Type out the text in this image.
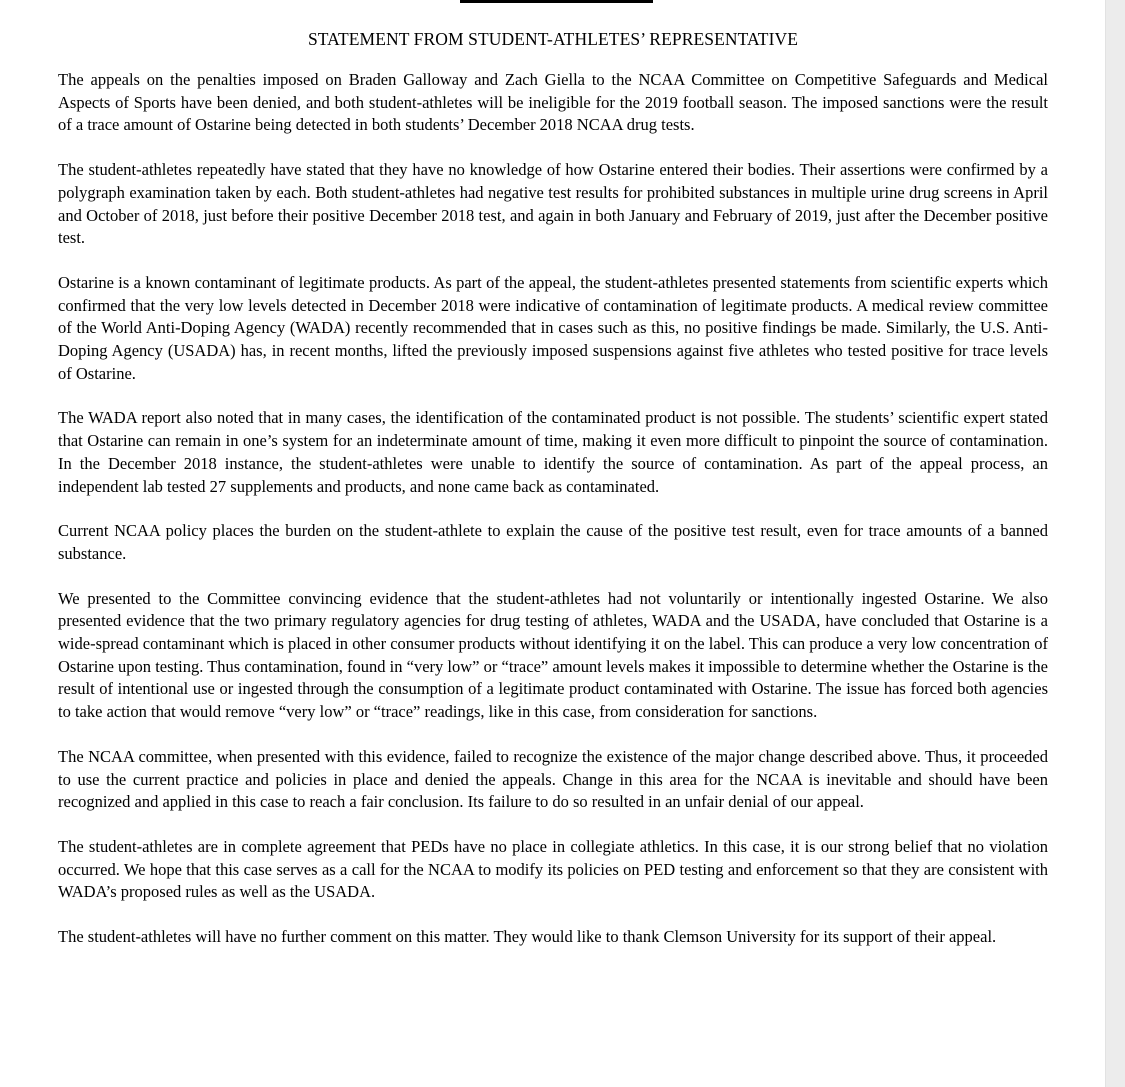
STATEMENT FROM STUDENT-ATHLETES’ REPRESENTATIVE

The appeals on the penalties imposed on Braden Galloway and Zach Giella to the NCAA Committee on Competitive Safeguards and Medical Aspects of Sports have been denied, and both student-athletes will be ineligible for the 2019 football season. The imposed sanctions were the result of a trace amount of Ostarine being detected in both students’ December 2018 NCAA drug tests.

The student-athletes repeatedly have stated that they have no knowledge of how Ostarine entered their bodies. Their assertions were confirmed by a polygraph examination taken by each. Both student-athletes had negative test results for prohibited substances in multiple urine drug screens in April and October of 2018, just before their positive December 2018 test, and again in both January and February of 2019, just after the December positive test.

Ostarine is a known contaminant of legitimate products. As part of the appeal, the student-athletes presented statements from scientific experts which confirmed that the very low levels detected in December 2018 were indicative of contamination of legitimate products. A medical review committee of the World Anti-Doping Agency (WADA) recently recommended that in cases such as this, no positive findings be made. Similarly, the U.S. Anti-Doping Agency (USADA) has, in recent months, lifted the previously imposed suspensions against five athletes who tested positive for trace levels of Ostarine.

The WADA report also noted that in many cases, the identification of the contaminated product is not possible. The students’ scientific expert stated that Ostarine can remain in one’s system for an indeterminate amount of time, making it even more difficult to pinpoint the source of contamination. In the December 2018 instance, the student-athletes were unable to identify the source of contamination. As part of the appeal process, an independent lab tested 27 supplements and products, and none came back as contaminated.

Current NCAA policy places the burden on the student-athlete to explain the cause of the positive test result, even for trace amounts of a banned substance.

We presented to the Committee convincing evidence that the student-athletes had not voluntarily or intentionally ingested Ostarine. We also presented evidence that the two primary regulatory agencies for drug testing of athletes, WADA and the USADA, have concluded that Ostarine is a wide-spread contaminant which is placed in other consumer products without identifying it on the label. This can produce a very low concentration of Ostarine upon testing. Thus contamination, found in “very low” or “trace” amount levels makes it impossible to determine whether the Ostarine is the result of intentional use or ingested through the consumption of a legitimate product contaminated with Ostarine. The issue has forced both agencies to take action that would remove “very low” or “trace” readings, like in this case, from consideration for sanctions.

The NCAA committee, when presented with this evidence, failed to recognize the existence of the major change described above. Thus, it proceeded to use the current practice and policies in place and denied the appeals. Change in this area for the NCAA is inevitable and should have been recognized and applied in this case to reach a fair conclusion. Its failure to do so resulted in an unfair denial of our appeal.

The student-athletes are in complete agreement that PEDs have no place in collegiate athletics. In this case, it is our strong belief that no violation occurred. We hope that this case serves as a call for the NCAA to modify its policies on PED testing and enforcement so that they are consistent with WADA’s proposed rules as well as the USADA.

The student-athletes will have no further comment on this matter. They would like to thank Clemson University for its support of their appeal.
